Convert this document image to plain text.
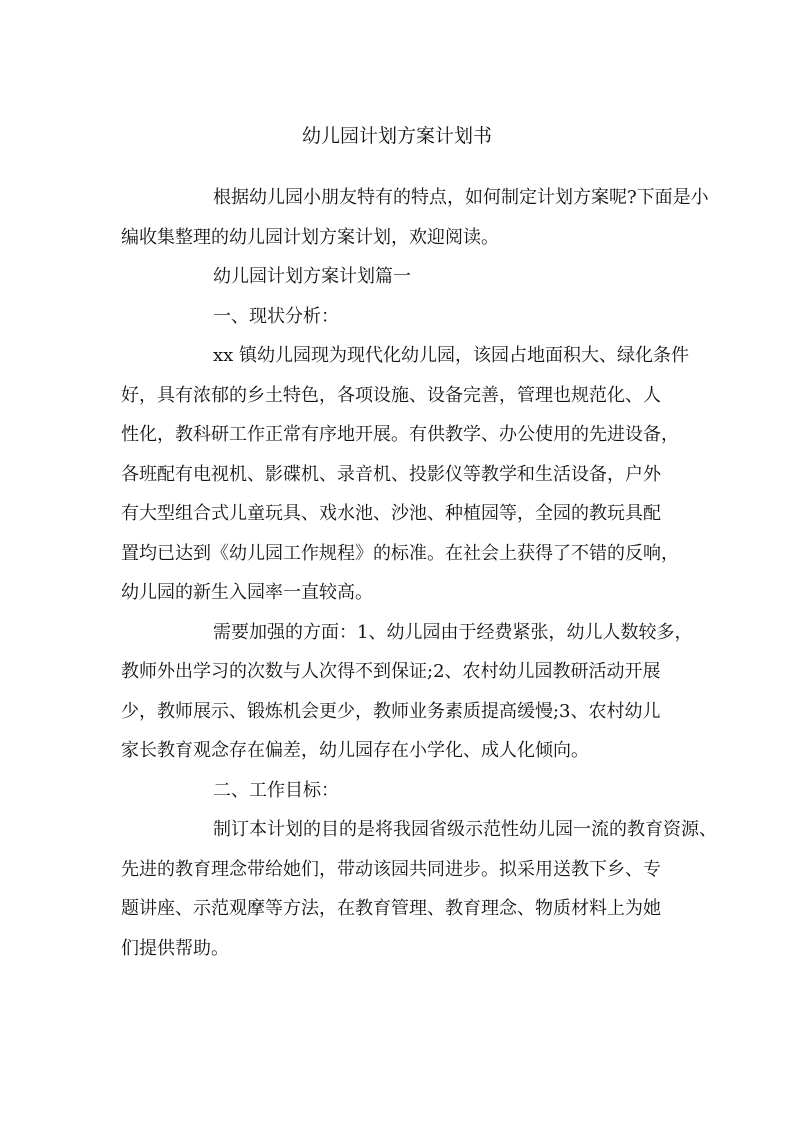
幼儿园计划方案计划书

根据幼儿园小朋友特有的特点，如何制定计划方案呢?下面是小
编收集整理的幼儿园计划方案计划，欢迎阅读。

幼儿园计划方案计划篇一

一、现状分析：

xx 镇幼儿园现为现代化幼儿园，该园占地面积大、绿化条件
好，具有浓郁的乡土特色，各项设施、设备完善，管理也规范化、人
性化，教科研工作正常有序地开展。有供教学、办公使用的先进设备，
各班配有电视机、影碟机、录音机、投影仪等教学和生活设备，户外
有大型组合式儿童玩具、戏水池、沙池、种植园等，全园的教玩具配
置均已达到《幼儿园工作规程》的标准。在社会上获得了不错的反响，
幼儿园的新生入园率一直较高。

需要加强的方面：1、幼儿园由于经费紧张，幼儿人数较多，
教师外出学习的次数与人次得不到保证;2、农村幼儿园教研活动开展
少，教师展示、锻炼机会更少，教师业务素质提高缓慢;3、农村幼儿
家长教育观念存在偏差，幼儿园存在小学化、成人化倾向。

二、工作目标：

制订本计划的目的是将我园省级示范性幼儿园一流的教育资源、
先进的教育理念带给她们，带动该园共同进步。拟采用送教下乡、专
题讲座、示范观摩等方法，在教育管理、教育理念、物质材料上为她
们提供帮助。
